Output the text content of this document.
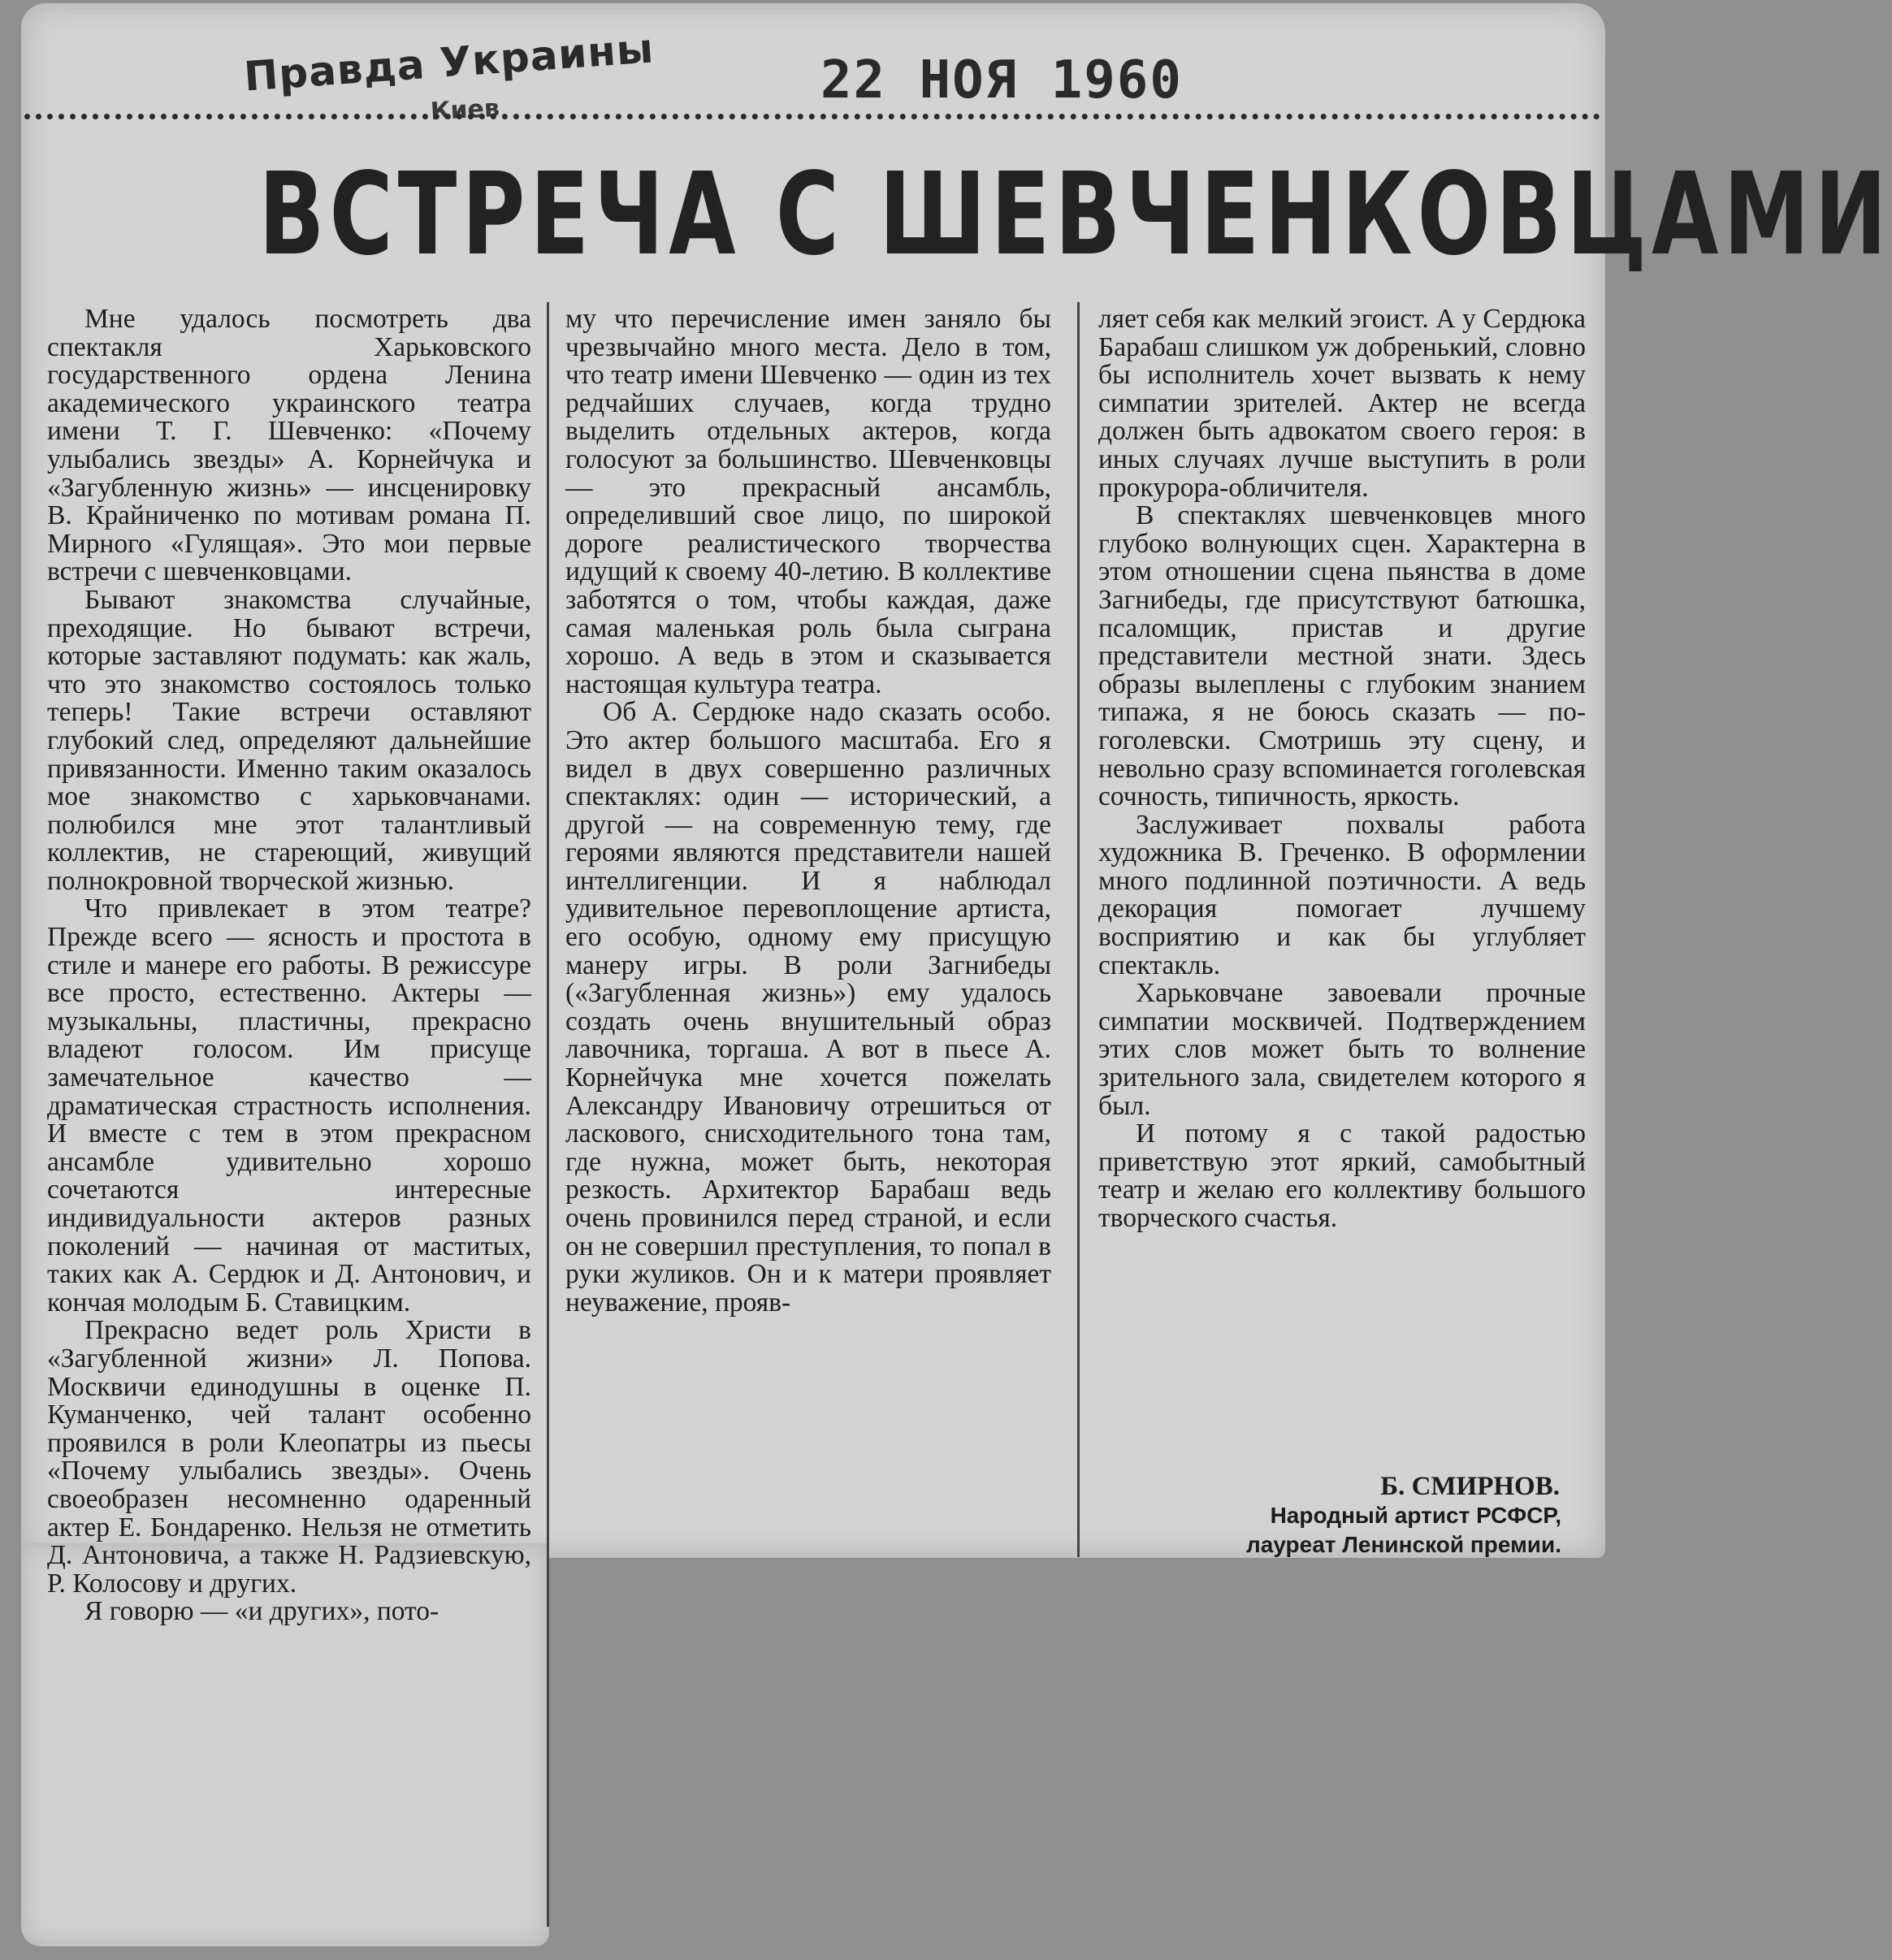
Правда Украины
Киев	22 НОЯ 1960
ВСТРЕЧА С ШЕВЧЕНКОВЦАМИ

Мне удалось посмотреть два спектакля Харьковского государственного ордена Ленина академического украинского театра имени Т. Г. Шевченко: «Почему улыбались звезды» А. Корнейчука и «Загубленную жизнь» — инсценировку В. Крайниченко по мотивам романа П. Мирного «Гулящая». Это мои первые встречи с шевченковцами.

Бывают знакомства случайные, преходящие. Но бывают встречи, которые заставляют подумать: как жаль, что это знакомство состоялось только теперь! Такие встречи оставляют глубокий след, определяют дальнейшие привязанности. Именно таким оказалось мое знакомство с харьковчанами. полюбился мне этот талантливый коллектив, не стареющий, живущий полнокровной творческой жизнью.

Что привлекает в этом театре? Прежде всего — ясность и простота в стиле и манере его работы. В режиссуре все просто, естественно. Актеры — музыкальны, пластичны, прекрасно владеют голосом. Им присуще замечательное качество — драматическая страстность исполнения. И вместе с тем в этом прекрасном ансамбле удивительно хорошо сочетаются интересные индивидуальности актеров разных поколений — начиная от маститых, таких как А. Сердюк и Д. Антонович, и кончая молодым Б. Ставицким.

Прекрасно ведет роль Христи в «Загубленной жизни» Л. Попова. Москвичи единодушны в оценке П. Куманченко, чей талант особенно проявился в роли Клеопатры из пьесы «Почему улыбались звезды». Очень своеобразен несомненно одаренный актер Е. Бондаренко. Нельзя не отметить Д. Антоновича, а также Н. Радзиевскую, Р. Колосову и других.

Я говорю — «и других», пото-

му что перечисление имен заняло бы чрезвычайно много места. Дело в том, что театр имени Шевченко — один из тех редчайших случаев, когда трудно выделить отдельных актеров, когда голосуют за большинство. Шевченковцы — это прекрасный ансамбль, определивший свое лицо, по широкой дороге реалистического творчества идущий к своему 40-летию. В коллективе заботятся о том, чтобы каждая, даже самая маленькая роль была сыграна хорошо. А ведь в этом и сказывается настоящая культура театра.

Об А. Сердюке надо сказать особо. Это актер большого масштаба. Его я видел в двух совершенно различных спектаклях: один — исторический, а другой — на современную тему, где героями являются представители нашей интеллигенции. И я наблюдал удивительное перевоплощение артиста, его особую, одному ему присущую манеру игры. В роли Загнибеды («Загубленная жизнь») ему удалось создать очень внушительный образ лавочника, торгаша. А вот в пьесе А. Корнейчука мне хочется пожелать Александру Ивановичу отрешиться от ласкового, снисходительного тона там, где нужна, может быть, некоторая резкость. Архитектор Барабаш ведь очень провинился перед страной, и если он не совершил преступления, то попал в руки жуликов. Он и к матери проявляет неуважение, прояв-

ляет себя как мелкий эгоист. А у Сердюка Барабаш слишком уж добренький, словно бы исполнитель хочет вызвать к нему симпатии зрителей. Актер не всегда должен быть адвокатом своего героя: в иных случаях лучше выступить в роли прокурора-обличителя.

В спектаклях шевченковцев много глубоко волнующих сцен. Характерна в этом отношении сцена пьянства в доме Загнибеды, где присутствуют батюшка, псаломщик, пристав и другие представители местной знати. Здесь образы вылеплены с глубоким знанием типажа, я не боюсь сказать — по-гоголевски. Смотришь эту сцену, и невольно сразу вспоминается гоголевская сочность, типичность, яркость.

Заслуживает похвалы работа художника В. Греченко. В оформлении много подлинной поэтичности. А ведь декорация помогает лучшему восприятию и как бы углубляет спектакль.

Харьковчане завоевали прочные симпатии москвичей. Подтверждением этих слов может быть то волнение зрительного зала, свидетелем которого я был.

И потому я с такой радостью приветствую этот яркий, самобытный театр и желаю его коллективу большого творческого счастья.

Б. СМИРНОВ.
Народный артист РСФСР,
лауреат Ленинской премии.
